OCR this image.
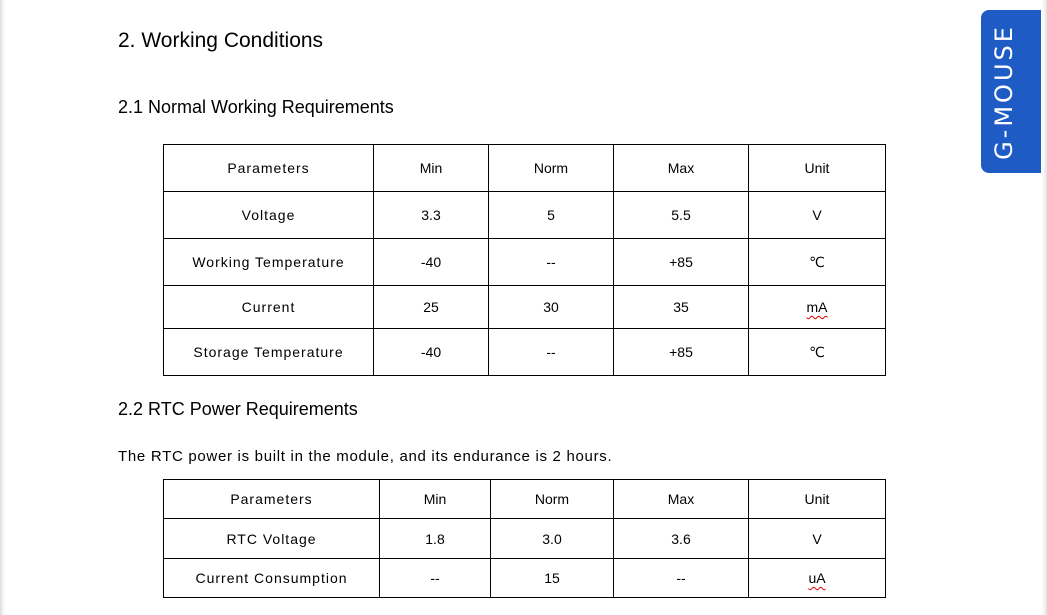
G-MOUSE
2. Working Conditions
2.1 Normal Working Requirements
Parameters	Min	Norm	Max	Unit
Voltage	3.3	5	5.5	V
Working Temperature	-40	--	+85	℃
Current	25	30	35	mA
Storage Temperature	-40	--	+85	℃
2.2 RTC Power Requirements
The RTC power is built in the module, and its endurance is 2 hours.
Parameters	Min	Norm	Max	Unit
RTC Voltage	1.8	3.0	3.6	V
Current Consumption	--	15	--	uA
